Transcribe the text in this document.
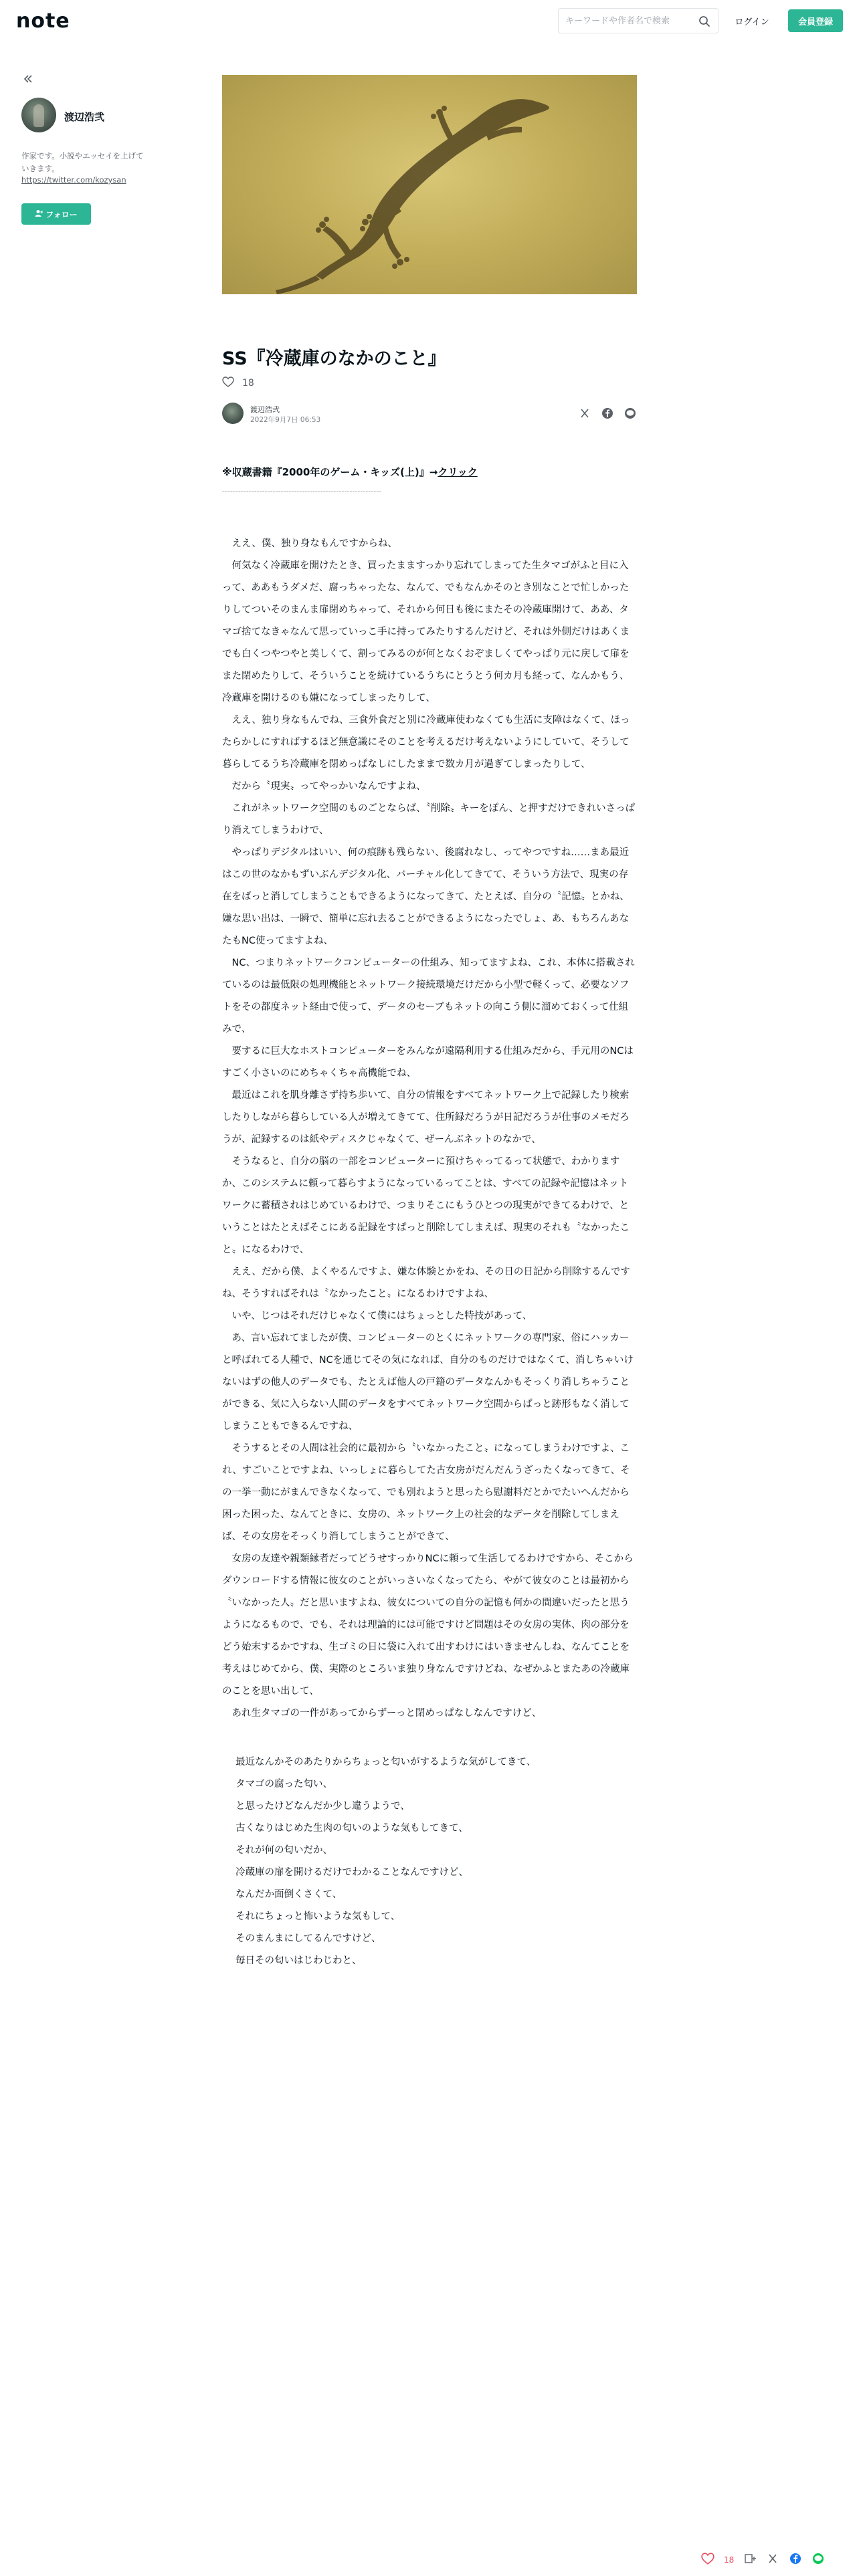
note
キーワードや作者名で検索	ログイン	会員登録
渡辺浩弐
作家です。小説やエッセイを上げていきます。
https://twitter.com/kozysan
フォロー
SS『冷蔵庫のなかのこと』
18
渡辺浩弐
2022年9月7日 06:53
※収蔵書籍『2000年のゲーム・キッズ(上)』→クリック
------------------------------------------------------------

　ええ、僕、独り身なもんですからね、

　何気なく冷蔵庫を開けたとき、買ったまますっかり忘れてしまってた生タマゴがふと目に入って、ああもうダメだ、腐っちゃったな、なんて、でもなんかそのとき別なことで忙しかったりしてついそのまんま扉閉めちゃって、それから何日も後にまたその冷蔵庫開けて、ああ、タマゴ捨てなきゃなんて思っていっこ手に持ってみたりするんだけど、それは外側だけはあくまでも白くつやつやと美しくて、割ってみるのが何となくおぞましくてやっぱり元に戻して扉をまた閉めたりして、そういうことを続けているうちにとうとう何カ月も経って、なんかもう、冷蔵庫を開けるのも嫌になってしまったりして、

　ええ、独り身なもんでね、三食外食だと別に冷蔵庫使わなくても生活に支障はなくて、ほったらかしにすればするほど無意識にそのことを考えるだけ考えないようにしていて、そうして暮らしてるうち冷蔵庫を閉めっぱなしにしたままで数カ月が過ぎてしまったりして、

　だから〝現実〟ってやっかいなんですよね、

　これがネットワーク空間のものごとならば、〝削除〟キーをぽん、と押すだけできれいさっぱり消えてしまうわけで、

　やっぱりデジタルはいい、何の痕跡も残らない、後腐れなし、ってやつですね……まあ最近はこの世のなかもずいぶんデジタル化、バーチャル化してきてて、そういう方法で、現実の存在をばっと消してしまうこともできるようになってきて、たとえば、自分の〝記憶〟とかね、嫌な思い出は、一瞬で、簡単に忘れ去ることができるようになったでしょ、あ、もちろんあなたもNC使ってますよね、

　NC、つまりネットワークコンピューターの仕組み、知ってますよね、これ、本体に搭載されているのは最低限の処理機能とネットワーク接続環境だけだから小型で軽くって、必要なソフトをその都度ネット経由で使って、データのセーブもネットの向こう側に溜めておくって仕組みで、

　要するに巨大なホストコンピューターをみんなが遠隔利用する仕組みだから、手元用のNCはすごく小さいのにめちゃくちゃ高機能でね、

　最近はこれを肌身離さず持ち歩いて、自分の情報をすべてネットワーク上で記録したり検索したりしながら暮らしている人が増えてきてて、住所録だろうが日記だろうが仕事のメモだろうが、記録するのは紙やディスクじゃなくて、ぜーんぶネットのなかで、

　そうなると、自分の脳の一部をコンピューターに預けちゃってるって状態で、わかりますか、このシステムに頼って暮らすようになっているってことは、すべての記録や記憶はネットワークに蓄積されはじめているわけで、つまりそこにもうひとつの現実ができてるわけで、ということはたとえばそこにある記録をすぱっと削除してしまえば、現実のそれも〝なかったこと〟になるわけで、

　ええ、だから僕、よくやるんですよ、嫌な体験とかをね、その日の日記から削除するんですね、そうすればそれは〝なかったこと〟になるわけですよね、

　いや、じつはそれだけじゃなくて僕にはちょっとした特技があって、

　あ、言い忘れてましたが僕、コンピューターのとくにネットワークの専門家、俗にハッカーと呼ばれてる人種で、NCを通じてその気になれば、自分のものだけではなくて、消しちゃいけないはずの他人のデータでも、たとえば他人の戸籍のデータなんかもそっくり消しちゃうことができる、気に入らない人間のデータをすべてネットワーク空間からぱっと跡形もなく消してしまうこともできるんですね、

　そうするとその人間は社会的に最初から〝いなかったこと〟になってしまうわけですよ、これ、すごいことですよね、いっしょに暮らしてた古女房がだんだんうざったくなってきて、その一挙一動にがまんできなくなって、でも別れようと思ったら慰謝料だとかでたいへんだから困った困った、なんてときに、女房の、ネットワーク上の社会的なデータを削除してしまえば、その女房をそっくり消してしまうことができて、

　女房の友達や親類縁者だってどうせすっかりNCに頼って生活してるわけですから、そこからダウンロードする情報に彼女のことがいっさいなくなってたら、やがて彼女のことは最初から〝いなかった人〟だと思いますよね、彼女についての自分の記憶も何かの間違いだったと思うようになるもので、でも、それは理論的には可能ですけど問題はその女房の実体、肉の部分をどう始末するかですね、生ゴミの日に袋に入れて出すわけにはいきませんしね、なんてことを考えはじめてから、僕、実際のところいま独り身なんですけどね、なぜかふとまたあの冷蔵庫のことを思い出して、

　あれ生タマゴの一件があってからずーっと閉めっぱなしなんですけど、

最近なんかそのあたりからちょっと匂いがするような気がしてきて、

タマゴの腐った匂い、

と思ったけどなんだか少し違うようで、

古くなりはじめた生肉の匂いのような気もしてきて、

それが何の匂いだか、

冷蔵庫の扉を開けるだけでわかることなんですけど、

なんだか面倒くさくて、

それにちょっと怖いような気もして、

そのまんまにしてるんですけど、

毎日その匂いはじわじわと、

18
